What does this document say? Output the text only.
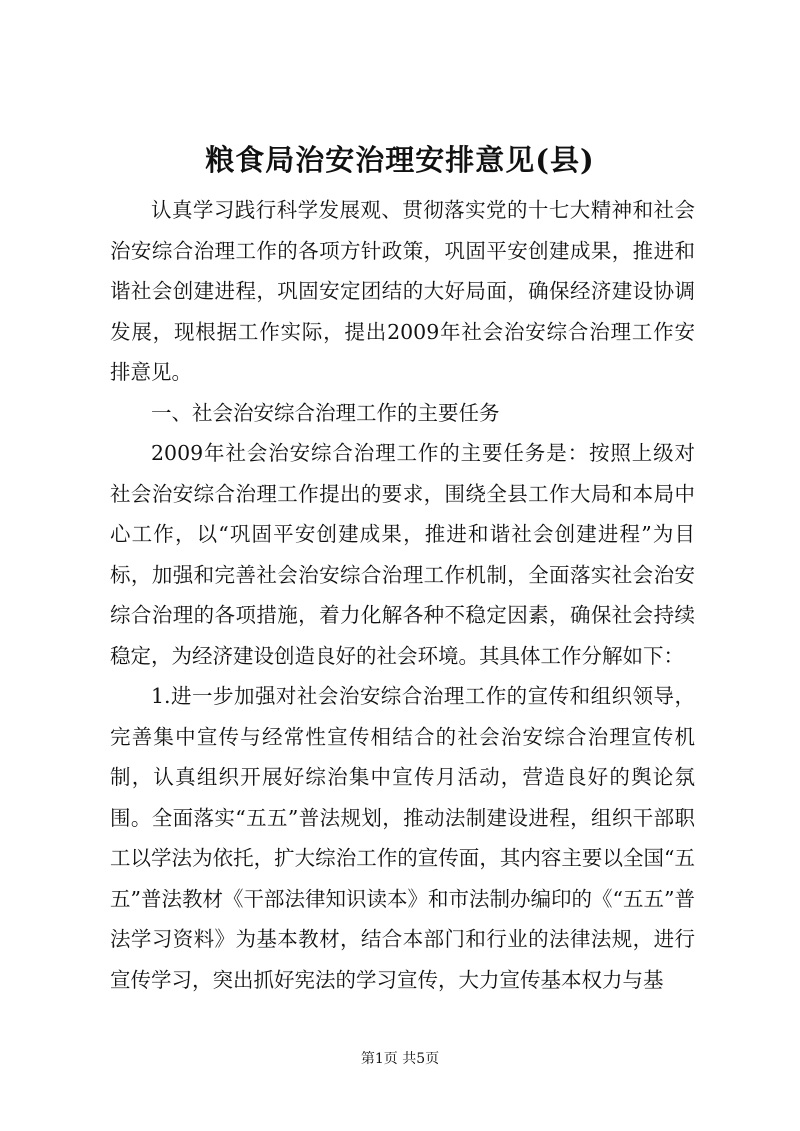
粮食局治安治理安排意见(县)

认真学习践行科学发展观、贯彻落实党的十七大精神和社会治安综合治理工作的各项方针政策，巩固平安创建成果，推进和谐社会创建进程，巩固安定团结的大好局面，确保经济建设协调发展，现根据工作实际，提出2009年社会治安综合治理工作安排意见。

一、社会治安综合治理工作的主要任务

2009年社会治安综合治理工作的主要任务是：按照上级对社会治安综合治理工作提出的要求，围绕全县工作大局和本局中心工作，以“巩固平安创建成果，推进和谐社会创建进程”为目标，加强和完善社会治安综合治理工作机制，全面落实社会治安综合治理的各项措施，着力化解各种不稳定因素，确保社会持续稳定，为经济建设创造良好的社会环境。其具体工作分解如下：

1.进一步加强对社会治安综合治理工作的宣传和组织领导，完善集中宣传与经常性宣传相结合的社会治安综合治理宣传机制，认真组织开展好综治集中宣传月活动，营造良好的舆论氛围。全面落实“五五”普法规划，推动法制建设进程，组织干部职工以学法为依托，扩大综治工作的宣传面，其内容主要以全国“五五”普法教材《干部法律知识读本》和市法制办编印的《“五五”普法学习资料》为基本教材，结合本部门和行业的法律法规，进行宣传学习，突出抓好宪法的学习宣传，大力宣传基本权力与基

第1页 共5页
